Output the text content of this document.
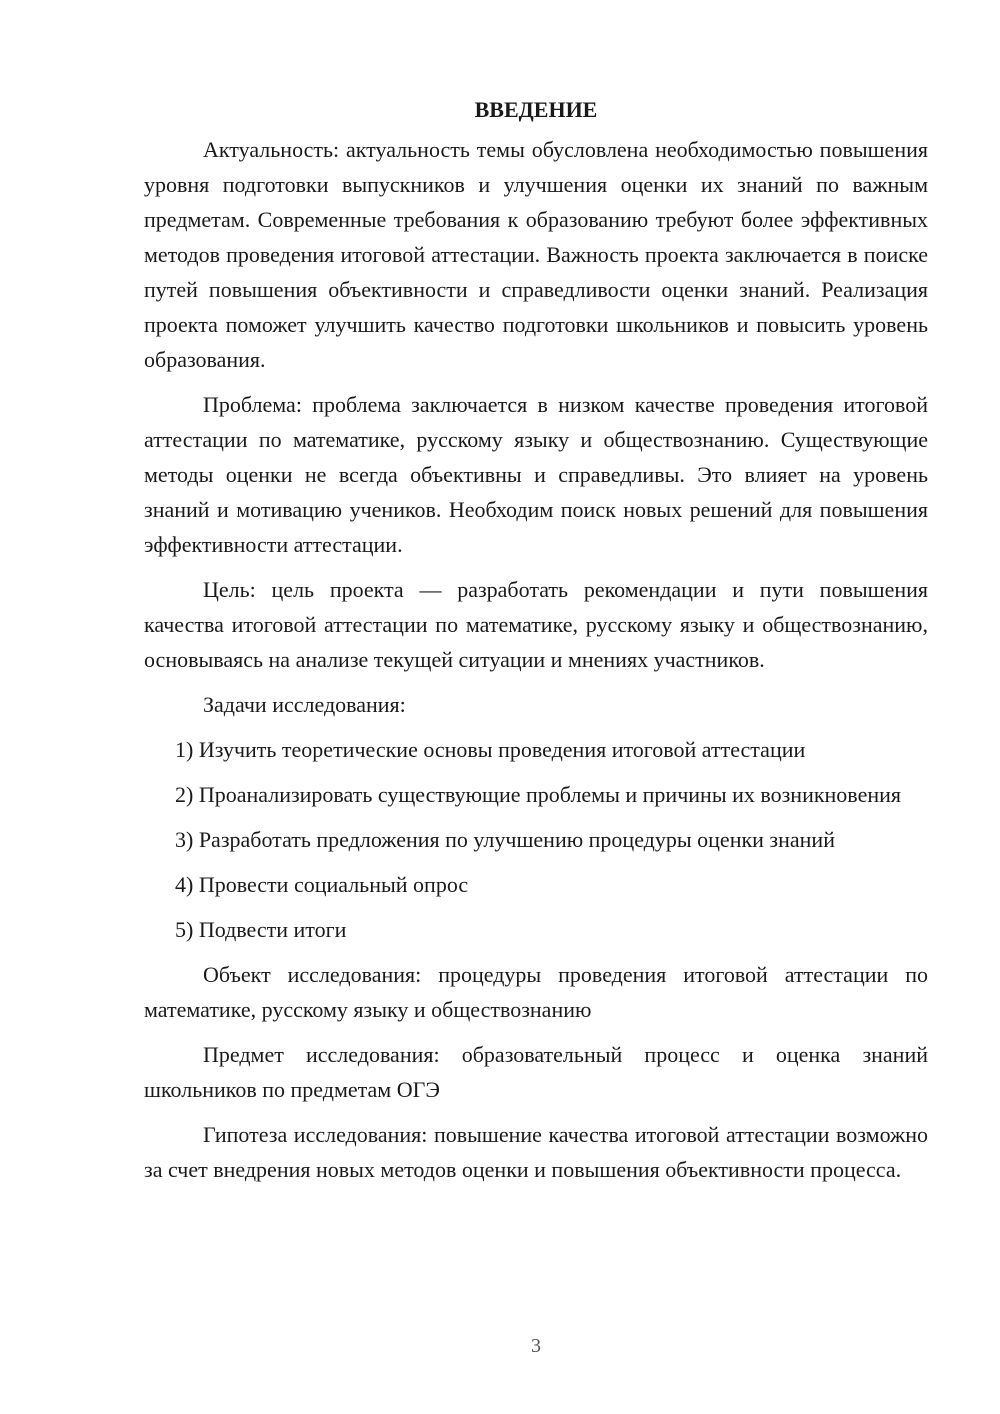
ВВЕДЕНИЕ

Актуальность: актуальность темы обусловлена необходимостью повышения уровня подготовки выпускников и улучшения оценки их знаний по важным предметам. Современные требования к образованию требуют более эффективных методов проведения итоговой аттестации. Важность проекта заключается в поиске путей повышения объективности и справедливости оценки знаний. Реализация проекта поможет улучшить качество подготовки школьников и повысить уровень образования.

Проблема: проблема заключается в низком качестве проведения итоговой аттестации по математике, русскому языку и обществознанию. Существующие методы оценки не всегда объективны и справедливы. Это влияет на уровень знаний и мотивацию учеников. Необходим поиск новых решений для повышения эффективности аттестации.

Цель: цель проекта — разработать рекомендации и пути повышения качества итоговой аттестации по математике, русскому языку и обществознанию, основываясь на анализе текущей ситуации и мнениях участников.

Задачи исследования:

1) Изучить теоретические основы проведения итоговой аттестации

2) Проанализировать существующие проблемы и причины их возникновения

3) Разработать предложения по улучшению процедуры оценки знаний

4) Провести социальный опрос

5) Подвести итоги

Объект исследования: процедуры проведения итоговой аттестации по математике, русскому языку и обществознанию

Предмет исследования: образовательный процесс и оценка знаний школьников по предметам ОГЭ

Гипотеза исследования: повышение качества итоговой аттестации возможно за счет внедрения новых методов оценки и повышения объективности процесса.

3
